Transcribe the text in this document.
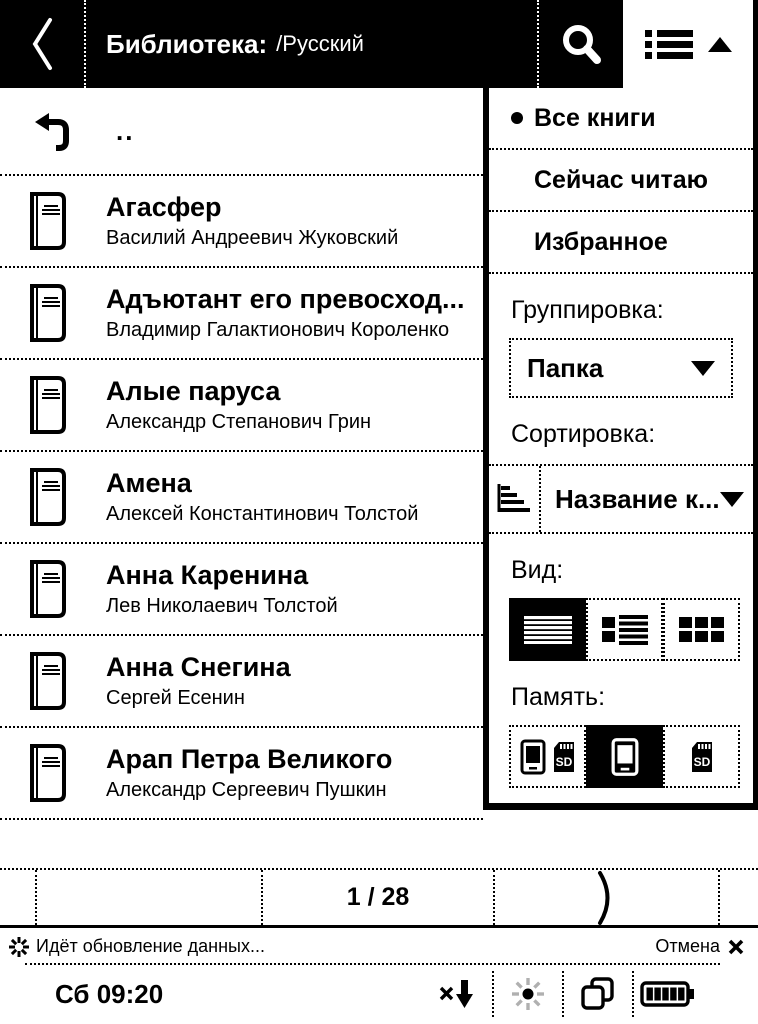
Библиотека: /Русский
..
Агасфер
Василий Андреевич Жуковский
Адъютант его превосход...
Владимир Галактионович Короленко
Алые паруса
Александр Степанович Грин
Амена
Алексей Константинович Толстой
Анна Каренина
Лев Николаевич Толстой
Анна Снегина
Сергей Есенин
Арап Петра Великого
Александр Сергеевич Пушкин
Все книги
Сейчас читаю
Избранное
Группировка:
Папка
Сортировка:
Название к...
Вид:
Память:
SD	SD
1 / 28
Идёт обновление данных...	Отмена
Сб 09:20
